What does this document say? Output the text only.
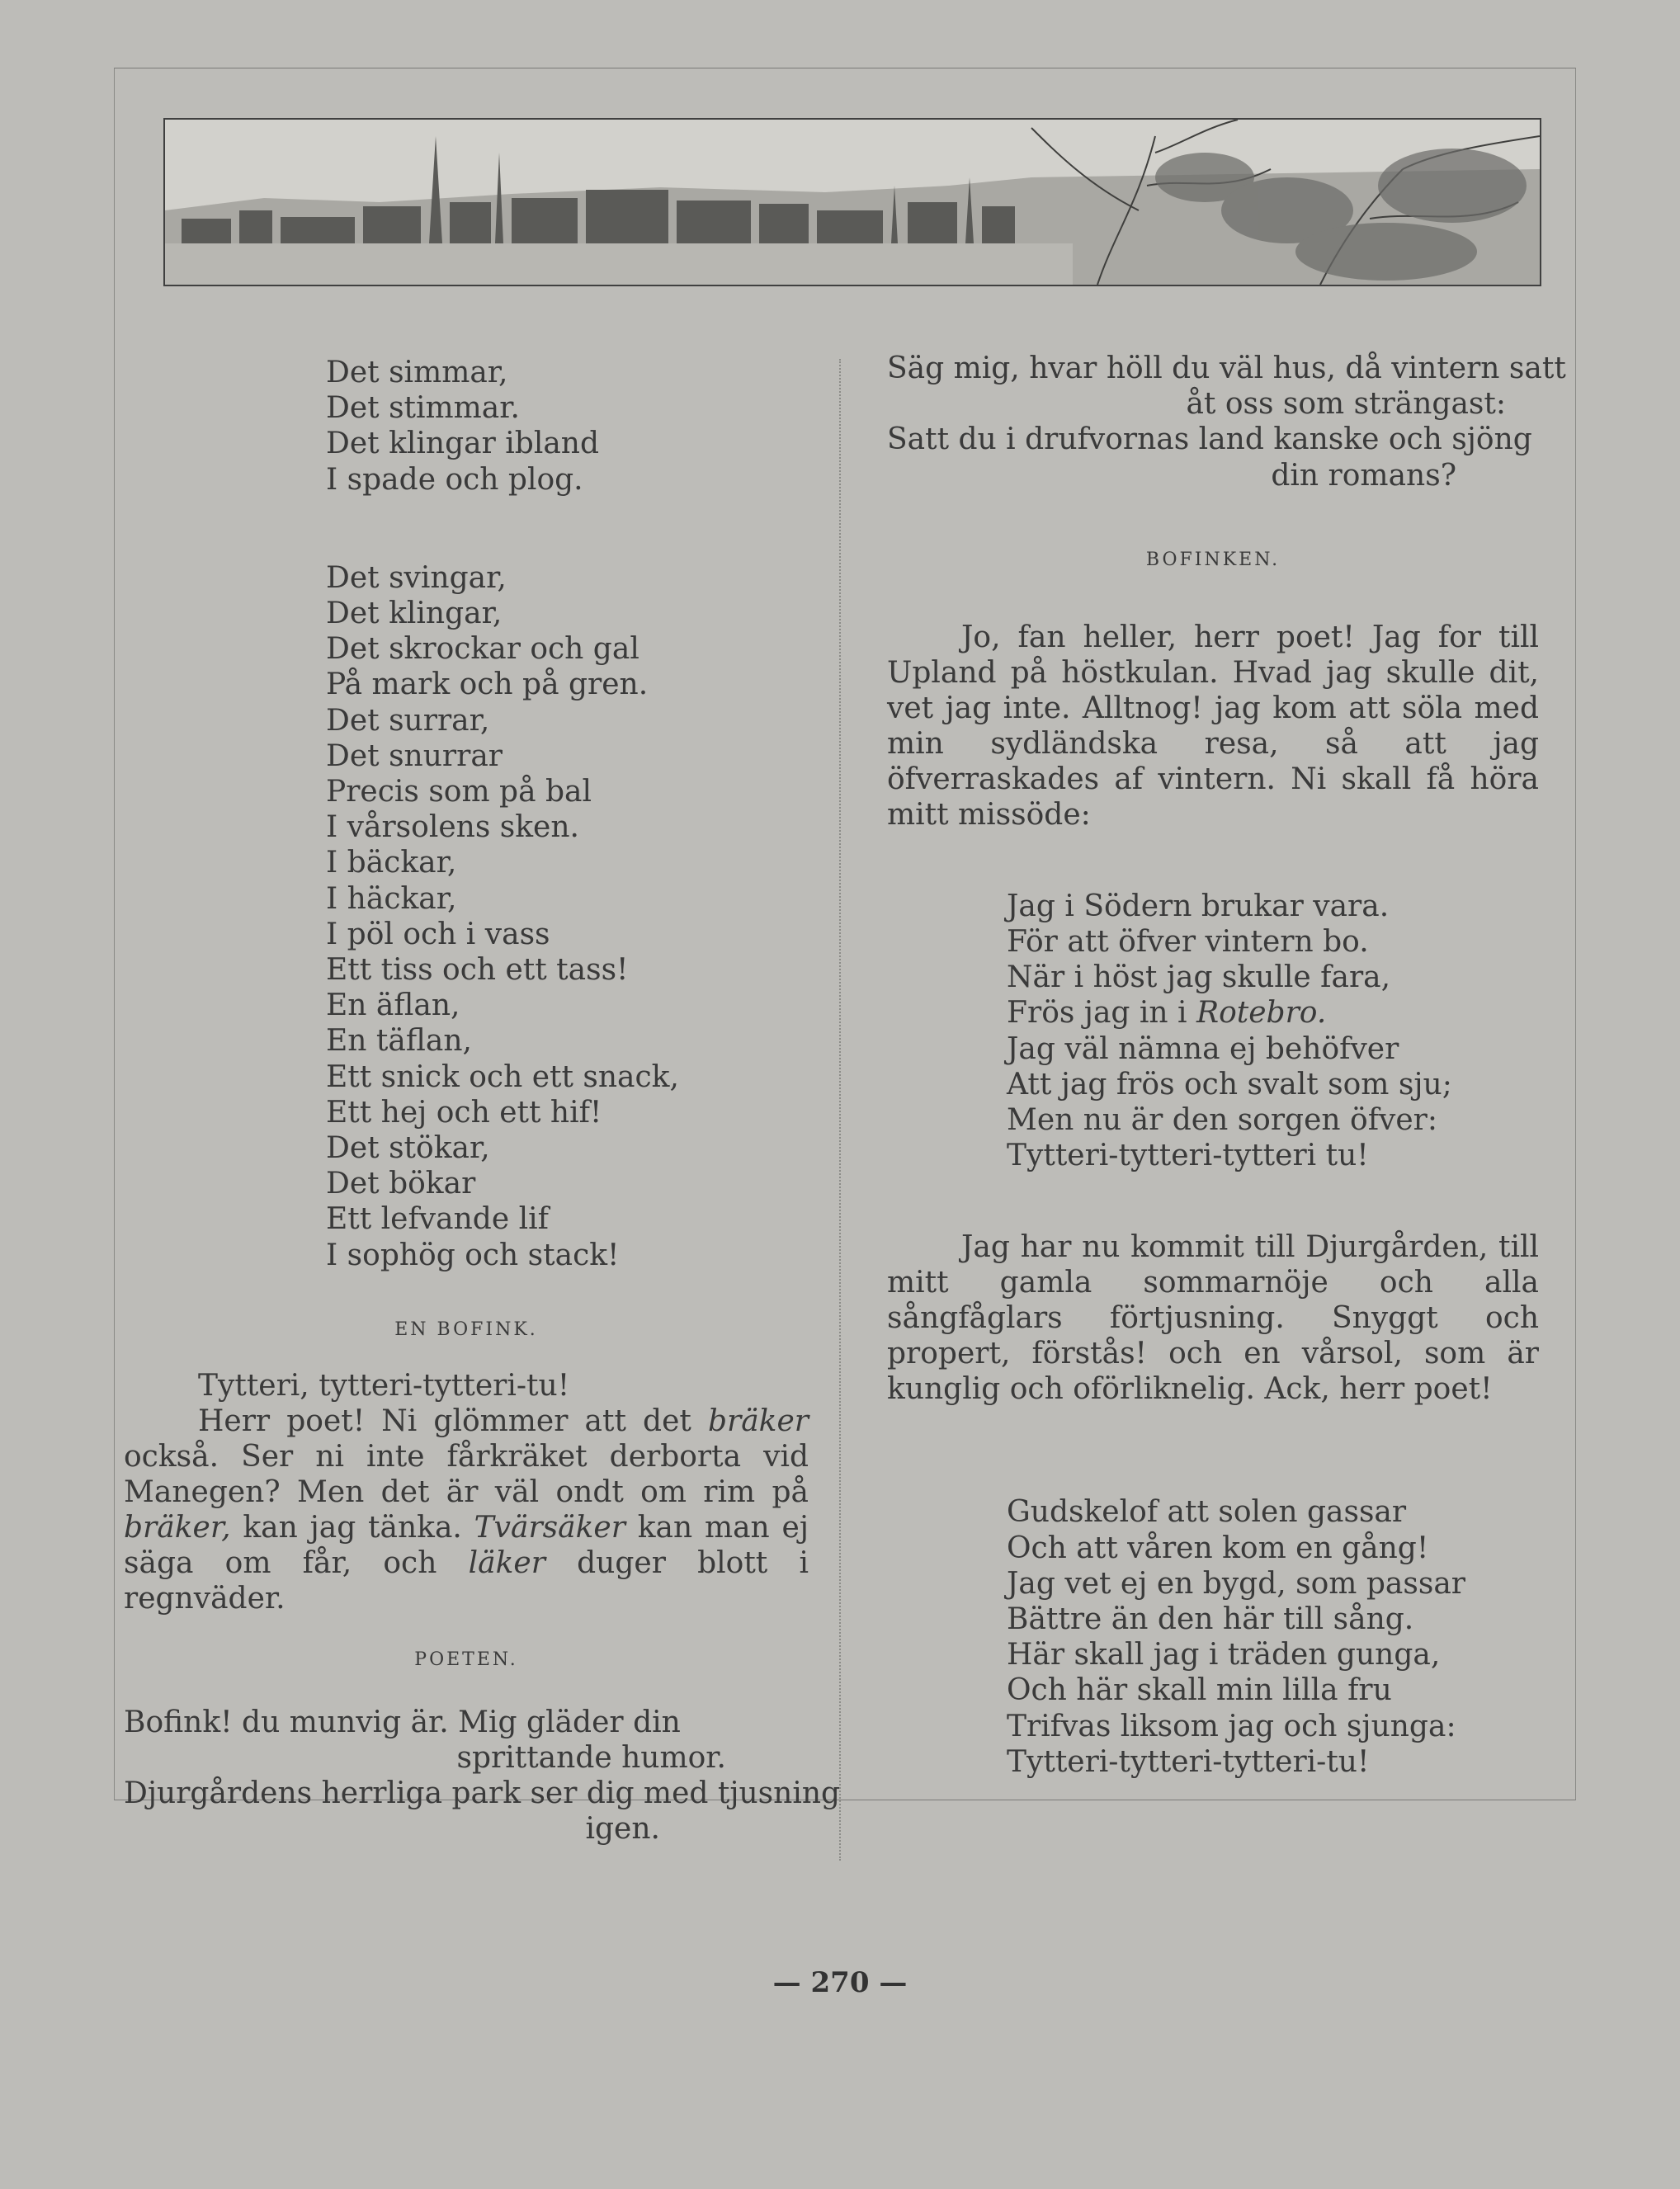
Det simmar,
Det stimmar.
Det klingar ibland
I spade och plog.
Det svingar,
Det klingar,
Det skrockar och gal
På mark och på gren.
Det surrar,
Det snurrar
Precis som på bal
I vårsolens sken.
I bäckar,
I häckar,
I pöl och i vass
Ett tiss och ett tass!
En äflan,
En täflan,
Ett snick och ett snack,
Ett hej och ett hif!
Det stökar,
Det bökar
Ett lefvande lif
I sophög och stack!
EN BOFINK.
Tytteri, tytteri-tytteri-tu!

Herr poet! Ni glömmer att det bräker också. Ser ni inte fårkräket derborta vid Manegen? Men det är väl ondt om rim på bräker, kan jag tänka. Tvärsäker kan man ej säga om får, och läker duger blott i regnväder.

POETEN.
Bofink! du munvig är. Mig gläder din
sprittande humor.
Djurgårdens herrliga park ser dig med tjusning
igen.
Säg mig, hvar höll du väl hus, då vintern satt
åt oss som strängast:
Satt du i drufvornas land kanske och sjöng
din romans?
BOFINKEN.

Jo, fan heller, herr poet! Jag for till Upland på höstkulan. Hvad jag skulle dit, vet jag inte. Alltnog! jag kom att söla med min sydländska resa, så att jag öfverraskades af vintern. Ni skall få höra mitt missöde:

Jag i Södern brukar vara.
För att öfver vintern bo.
När i höst jag skulle fara,
Frös jag in i Rotebro.
Jag väl nämna ej behöfver
Att jag frös och svalt som sju;
Men nu är den sorgen öfver:
Tytteri-tytteri-tytteri tu!

Jag har nu kommit till Djurgården, till mitt gamla sommarnöje och alla sångfåglars förtjusning. Snyggt och propert, förstås! och en vårsol, som är kunglig och oförliknelig. Ack, herr poet!

Gudskelof att solen gassar
Och att våren kom en gång!
Jag vet ej en bygd, som passar
Bättre än den här till sång.
Här skall jag i träden gunga,
Och här skall min lilla fru
Trifvas liksom jag och sjunga:
Tytteri-tytteri-tytteri-tu!
— 270 —
